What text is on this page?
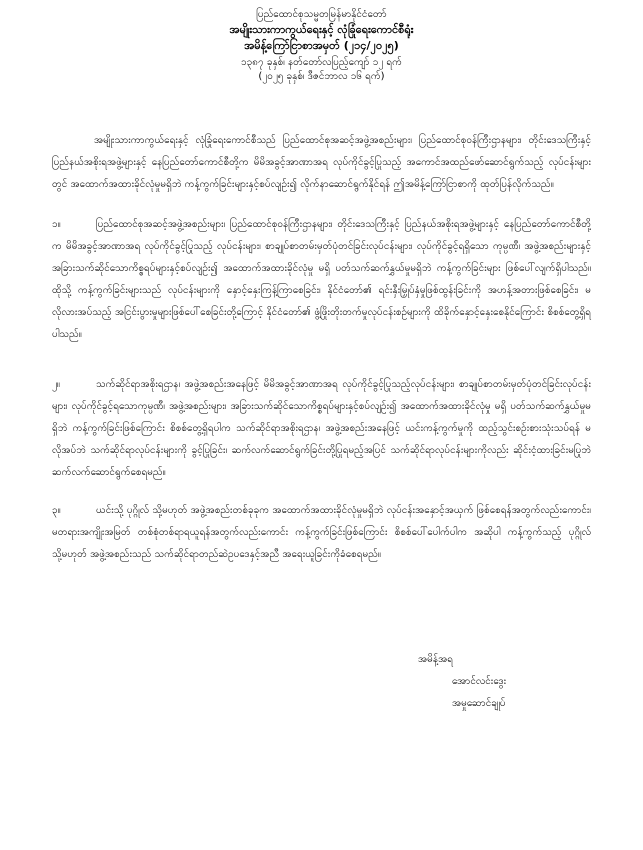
ပြည်ထောင်စုသမ္မတမြန်မာနိုင်ငံတော်
အမျိုးသားကာကွယ်ရေးနှင့် လုံခြုံရေးကောင်စီရုံး
အမိန့်ကြော်ငြာစာအမှတ် (၂၁၄/၂၀၂၅)
၁၃၈၇ ခုနှစ်၊ နတ်တော်လပြည့်ကျော် ၁၂ ရက်
(၂၀၂၅ ခုနှစ်၊ ဒီဇင်ဘာလ ၁၆ ရက်)

အမျိုးသားကာကွယ်ရေးနှင့် လုံခြုံရေးကောင်စီသည် ပြည်ထောင်စုအဆင့်အဖွဲ့အစည်းများ၊ ပြည်ထောင်စုဝန်ကြီးဌာနများ၊ တိုင်းဒေသကြီးနှင့် ပြည်နယ်အစိုးရအဖွဲ့များနှင့် နေပြည်တော်ကောင်စီတို့က မိမိအခွင့်အာဏာအရ လုပ်ကိုင်ခွင့်ပြုသည့် အကောင်အထည်ဖော်ဆောင်ရွက်သည့် လုပ်ငန်းများတွင် အထောက်အထားခိုင်လုံမှုမရှိဘဲ ကန့်ကွက်ခြင်းများနှင့်စပ်လျဉ်း၍ လိုက်နာဆောင်ရွက်နိုင်ရန် ဤအမိန့်ကြော်ငြာစာကို ထုတ်ပြန်လိုက်သည်။

၁။	ပြည်ထောင်စုအဆင့်အဖွဲ့အစည်းများ၊ ပြည်ထောင်စုဝန်ကြီးဌာနများ၊ တိုင်းဒေသကြီးနှင့် ပြည်နယ်အစိုးရအဖွဲ့များနှင့် နေပြည်တော်ကောင်စီတို့က မိမိအခွင့်အာဏာအရ လုပ်ကိုင်ခွင့်ပြုသည့် လုပ်ငန်းများ၊ စာချုပ်စာတမ်းမှတ်ပုံတင်ခြင်းလုပ်ငန်းများ၊ လုပ်ကိုင်ခွင့်ရရှိသော ကုမ္ပဏီ၊ အဖွဲ့အစည်းများနှင့် အခြားသက်ဆိုင်သောကိစ္စရပ်များနှင့်စပ်လျဉ်း၍ အထောက်အထားခိုင်လုံမှု မရှိ ပတ်သက်ဆက်နွှယ်မှုမရှိဘဲ ကန့်ကွက်ခြင်းများ ဖြစ်ပေါ်လျက်ရှိပါသည်။ ထိုသို့ ကန့်ကွက်ခြင်းများသည် လုပ်ငန်းများကို နှောင့်နှေးကြန့်ကြာစေခြင်း၊ နိုင်ငံတော်၏ ရင်းနှီးမြှုပ်နှံမှုဖြစ်ထွန်းခြင်းကို အဟန့်အတားဖြစ်စေခြင်း၊ မလိုလားအပ်သည့် အငြင်းပွားမှုများဖြစ်ပေါ်စေခြင်းတို့ကြောင့် နိုင်ငံတော်၏ ဖွံ့ဖြိုးတိုးတက်မှုလုပ်ငန်းစဉ်များကို ထိခိုက်နှောင့်နှေးစေနိုင်ကြောင်း စိစစ်တွေ့ရှိရပါသည်။

၂။	သက်ဆိုင်ရာအစိုးရဌာန၊ အဖွဲ့အစည်းအနေဖြင့် မိမိအခွင့်အာဏာအရ လုပ်ကိုင်ခွင့်ပြုသည့်လုပ်ငန်းများ၊ စာချုပ်စာတမ်းမှတ်ပုံတင်ခြင်းလုပ်ငန်းများ၊ လုပ်ကိုင်ခွင့်ရသောကုမ္ပဏီ၊ အဖွဲ့အစည်းများ၊ အခြားသက်ဆိုင်သောကိစ္စရပ်များနှင့်စပ်လျဉ်း၍ အထောက်အထားခိုင်လုံမှု မရှိ ပတ်သက်ဆက်နွှယ်မှုမရှိဘဲ ကန့်ကွက်ခြင်းဖြစ်ကြောင်း စိစစ်တွေ့ရှိရပါက သက်ဆိုင်ရာအစိုးရဌာန၊ အဖွဲ့အစည်းအနေဖြင့် ယင်းကန့်ကွက်မှုကို ထည့်သွင်းစဉ်းစားသုံးသပ်ရန် မလိုအပ်ဘဲ သက်ဆိုင်ရာလုပ်ငန်းများကို ခွင့်ပြုခြင်း၊ ဆက်လက်ဆောင်ရွက်ခြင်းတို့ပြုရမည့်အပြင် သက်ဆိုင်ရာလုပ်ငန်းများကိုလည်း ဆိုင်းငံ့ထားခြင်းမပြုဘဲ ဆက်လက်ဆောင်ရွက်စေရမည်။

၃။	ယင်းသို့ ပုဂ္ဂိုလ် သို့မဟုတ် အဖွဲ့အစည်းတစ်ခုခုက အထောက်အထားခိုင်လုံမှုမရှိဘဲ လုပ်ငန်းအနှောင့်အယှက် ဖြစ်စေရန်အတွက်လည်းကောင်း၊ မတရားအကျိုးအမြတ် တစ်စုံတစ်ရာရယူရန်အတွက်လည်းကောင်း ကန့်ကွက်ခြင်းဖြစ်ကြောင်း စိစစ်ပေါ်ပေါက်ပါက အဆိုပါ ကန့်ကွက်သည့် ပုဂ္ဂိုလ် သို့မဟုတ် အဖွဲ့အစည်းသည် သက်ဆိုင်ရာတည်ဆဲဥပဒေနှင့်အညီ အရေးယူခြင်းကိုခံစေရမည်။

အမိန့်အရ
အောင်လင်းဒွေး
အမှုဆောင်ချုပ်
